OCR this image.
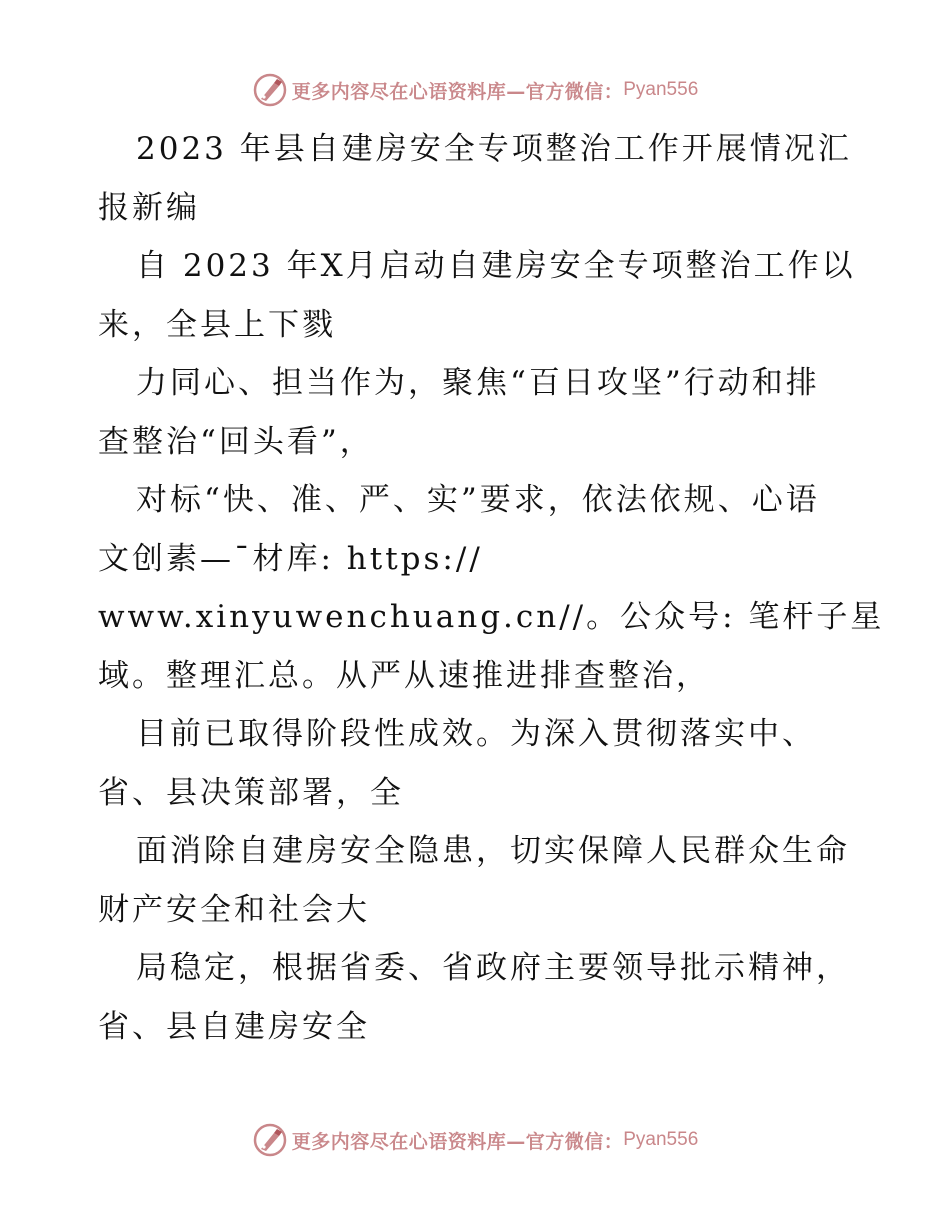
更多内容尽在心语资料库—官方微信： Pyan556
2023 年县自建房安全专项整治工作开展情况汇
报新编
自 2023 年X月启动自建房安全专项整治工作以
来，全县上下戮
力同心、担当作为，聚焦“百日攻坚”行动和排
查整治“回头看”，
对标“快、准、严、实”要求，依法依规、心语
文创素—¯材库: https://
www.xinyuwenchuang.cn//。公众号: 笔杆子星
域。整理汇总。从严从速推进排查整治，
目前已取得阶段性成效。为深入贯彻落实中、
省、县决策部署，全
面消除自建房安全隐患，切实保障人民群众生命
财产安全和社会大
局稳定，根据省委、省政府主要领导批示精神，
省、县自建房安全
更多内容尽在心语资料库—官方微信： Pyan556
